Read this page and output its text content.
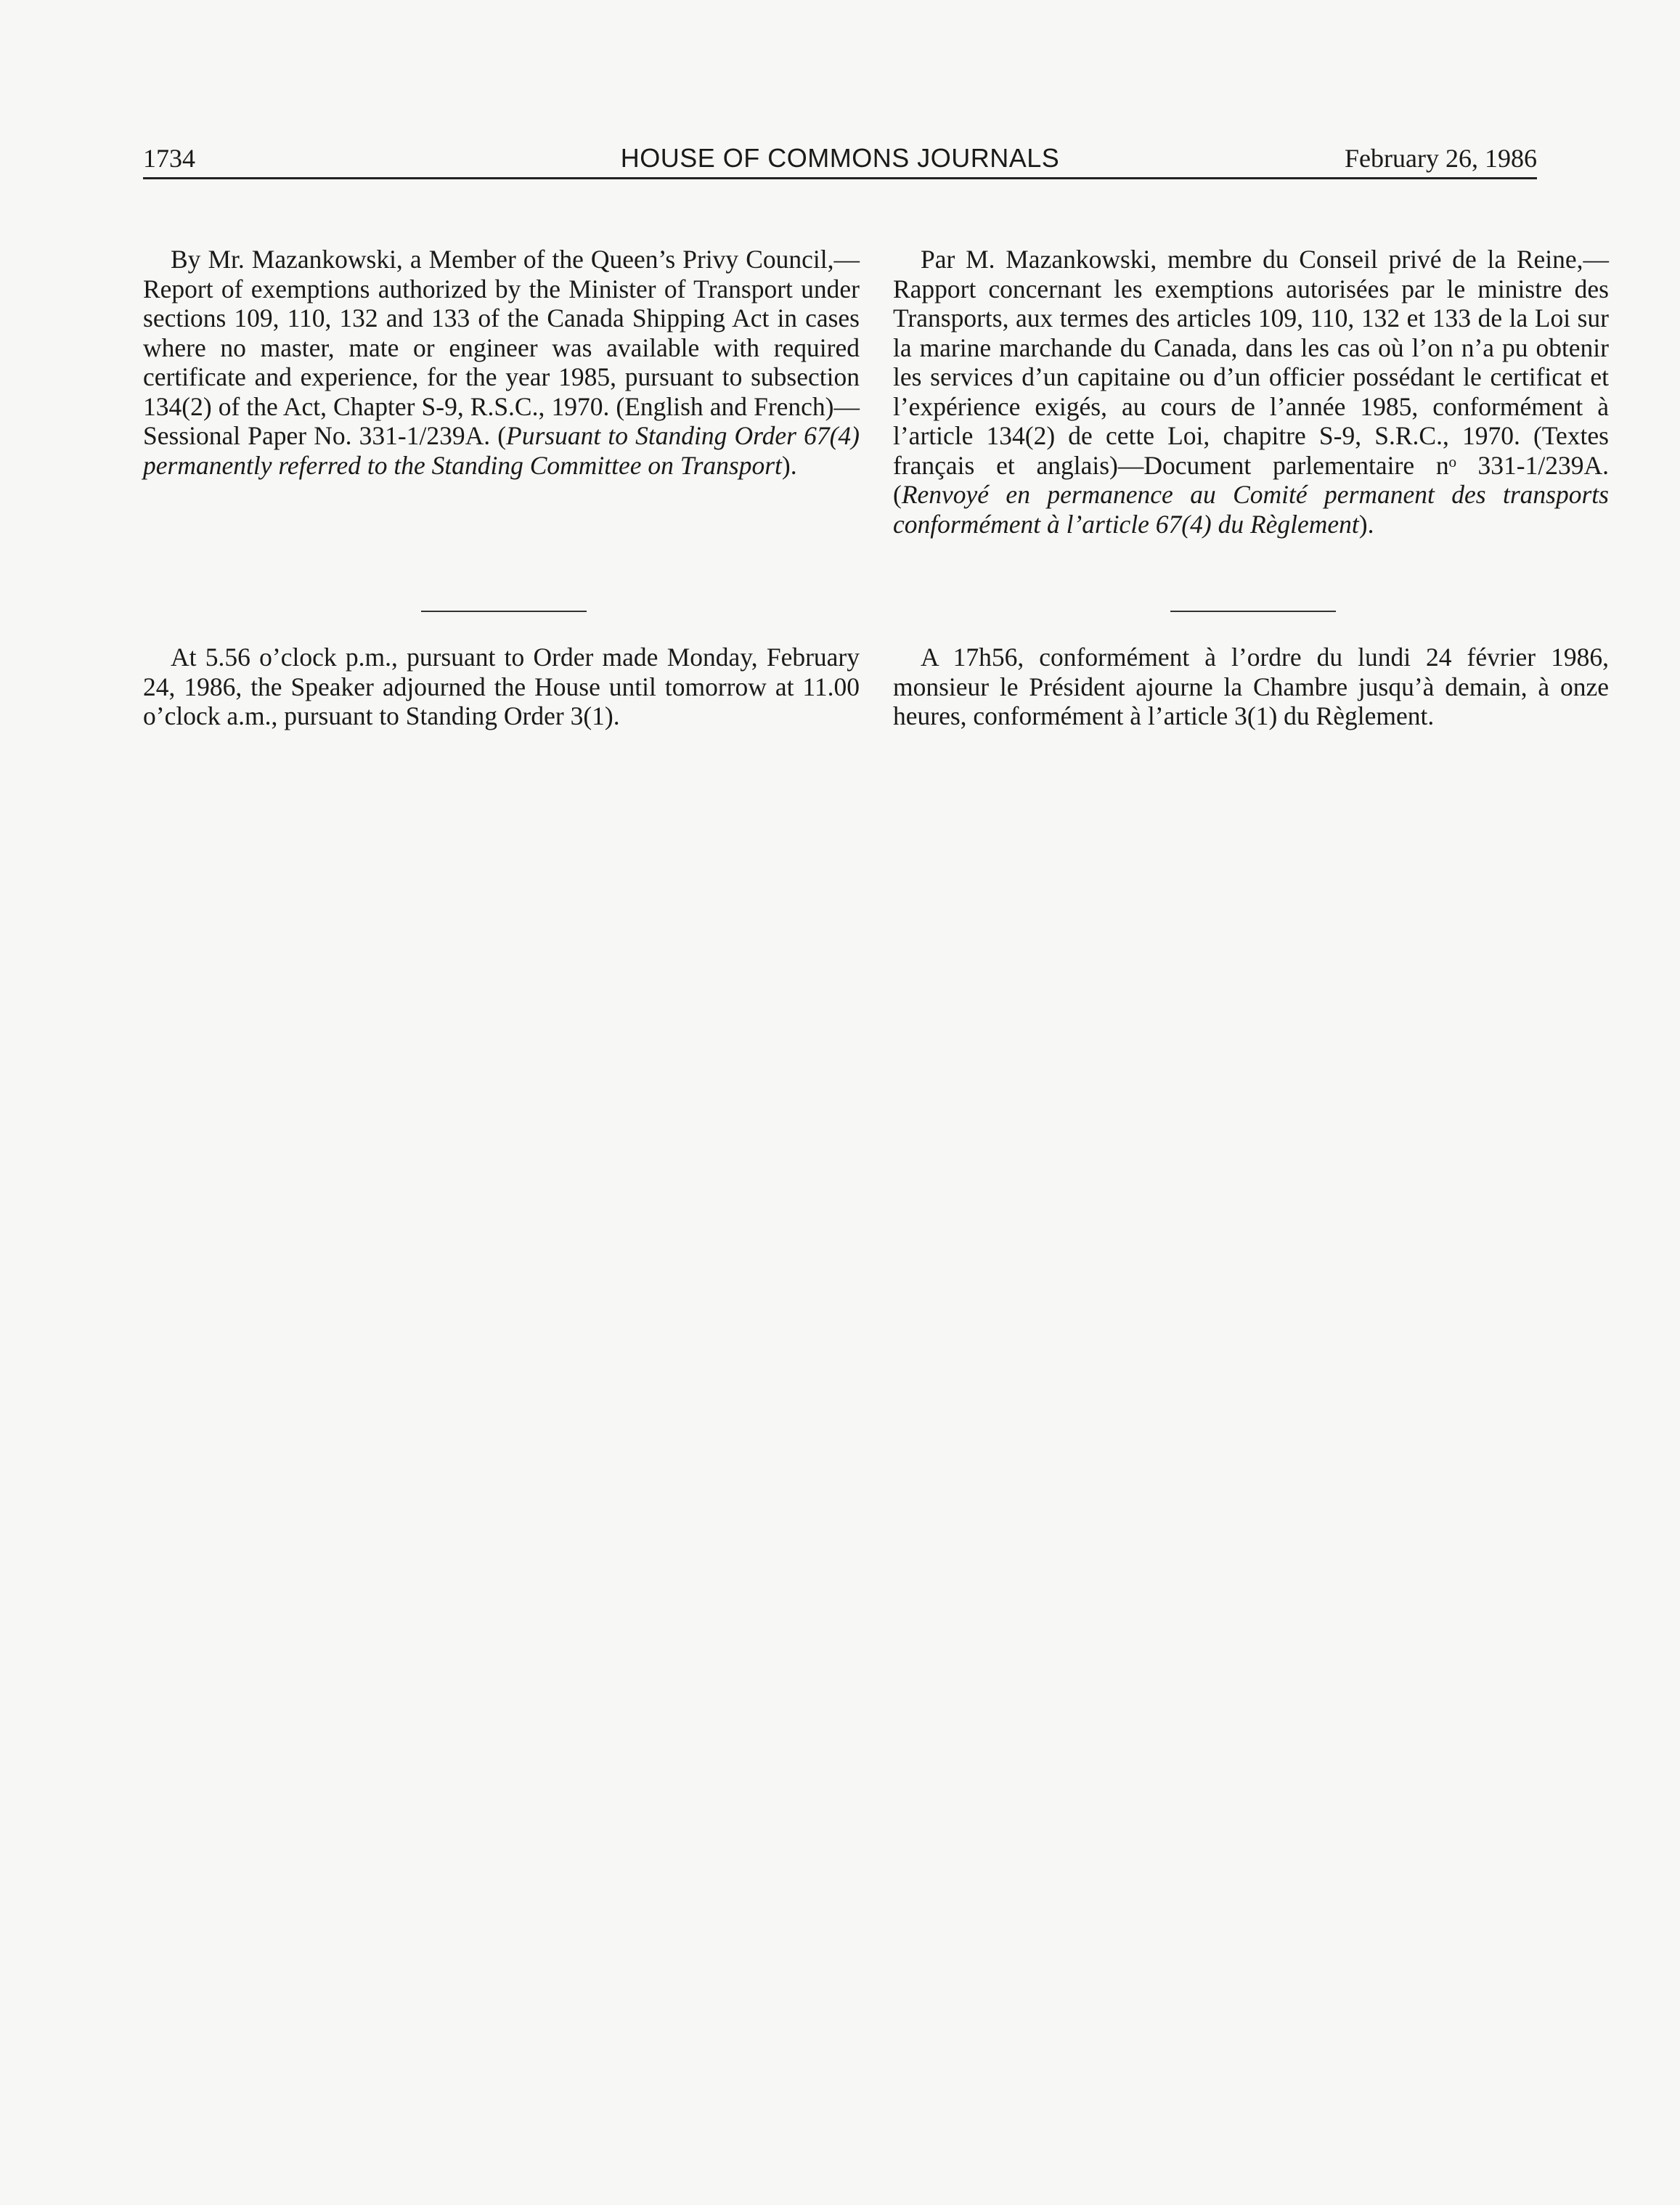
1734	HOUSE OF COMMONS JOURNALS	February 26, 1986

By Mr. Mazankowski, a Member of the Queen’s Privy Council,—Report of exemptions authorized by the Minister of Transport under sections 109, 110, 132 and 133 of the Canada Shipping Act in cases where no master, mate or engineer was available with required certificate and experience, for the year 1985, pursuant to subsection 134(2) of the Act, Chapter S-9, R.S.C., 1970. (English and French)—Sessional Paper No. 331-1/239A. (Pursuant to Standing Order 67(4) permanently referred to the Standing Committee on Transport).

Par M. Mazankowski, membre du Conseil privé de la Reine,—Rapport concernant les exemptions autorisées par le ministre des Transports, aux termes des articles 109, 110, 132 et 133 de la Loi sur la marine marchande du Canada, dans les cas où l’on n’a pu obtenir les services d’un capitaine ou d’un officier possédant le certificat et l’expérience exigés, au cours de l’année 1985, conformément à l’article 134(2) de cette Loi, chapitre S-9, S.R.C., 1970. (Textes français et anglais)—Document parlementaire nᵒ 331-1/239A. (Renvoyé en permanence au Comité permanent des transports conformément à l’article 67(4) du Règlement).

At 5.56 o’clock p.m., pursuant to Order made Monday, February 24, 1986, the Speaker adjourned the House until tomorrow at 11.00 o’clock a.m., pursuant to Standing Order 3(1).

A 17h56, conformément à l’ordre du lundi 24 février 1986, monsieur le Président ajourne la Chambre jusqu’à demain, à onze heures, conformément à l’article 3(1) du Règlement.
